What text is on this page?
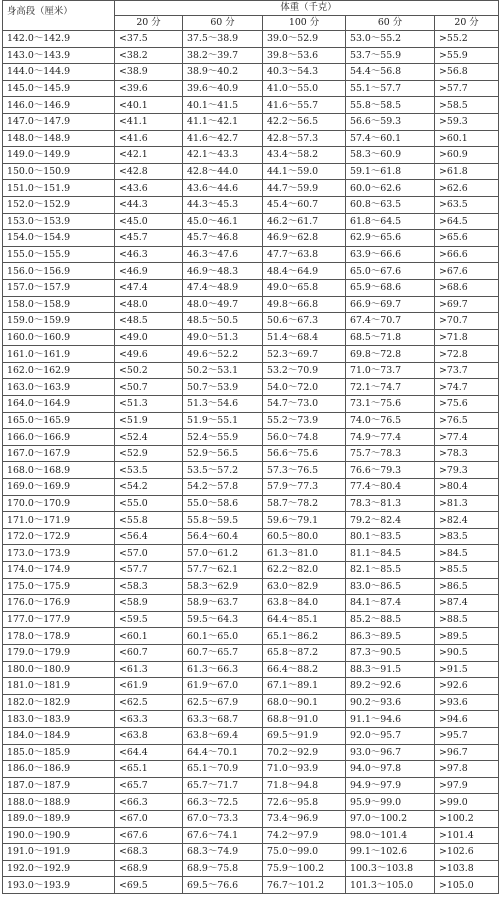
身高段（厘米）	体重（千克）				
	20 分	60 分	100 分	60 分	20 分
142.0～142.9	<37.5	37.5～38.9	39.0～52.9	53.0～55.2	>55.2
143.0～143.9	<38.2	38.2～39.7	39.8～53.6	53.7～55.9	>55.9
144.0～144.9	<38.9	38.9～40.2	40.3～54.3	54.4～56.8	>56.8
145.0～145.9	<39.6	39.6～40.9	41.0～55.0	55.1～57.7	>57.7
146.0～146.9	<40.1	40.1～41.5	41.6～55.7	55.8～58.5	>58.5
147.0～147.9	<41.1	41.1～42.1	42.2～56.5	56.6～59.3	>59.3
148.0～148.9	<41.6	41.6～42.7	42.8～57.3	57.4～60.1	>60.1
149.0～149.9	<42.1	42.1～43.3	43.4～58.2	58.3～60.9	>60.9
150.0～150.9	<42.8	42.8～44.0	44.1～59.0	59.1～61.8	>61.8
151.0～151.9	<43.6	43.6～44.6	44.7～59.9	60.0～62.6	>62.6
152.0～152.9	<44.3	44.3～45.3	45.4～60.7	60.8～63.5	>63.5
153.0～153.9	<45.0	45.0～46.1	46.2～61.7	61.8～64.5	>64.5
154.0～154.9	<45.7	45.7～46.8	46.9～62.8	62.9～65.6	>65.6
155.0～155.9	<46.3	46.3～47.6	47.7～63.8	63.9～66.6	>66.6
156.0～156.9	<46.9	46.9～48.3	48.4～64.9	65.0～67.6	>67.6
157.0～157.9	<47.4	47.4～48.9	49.0～65.8	65.9～68.6	>68.6
158.0～158.9	<48.0	48.0～49.7	49.8～66.8	66.9～69.7	>69.7
159.0～159.9	<48.5	48.5～50.5	50.6～67.3	67.4～70.7	>70.7
160.0～160.9	<49.0	49.0～51.3	51.4～68.4	68.5～71.8	>71.8
161.0～161.9	<49.6	49.6～52.2	52.3～69.7	69.8～72.8	>72.8
162.0～162.9	<50.2	50.2～53.1	53.2～70.9	71.0～73.7	>73.7
163.0～163.9	<50.7	50.7～53.9	54.0～72.0	72.1～74.7	>74.7
164.0～164.9	<51.3	51.3～54.6	54.7～73.0	73.1～75.6	>75.6
165.0～165.9	<51.9	51.9～55.1	55.2～73.9	74.0～76.5	>76.5
166.0～166.9	<52.4	52.4～55.9	56.0～74.8	74.9～77.4	>77.4
167.0～167.9	<52.9	52.9～56.5	56.6～75.6	75.7～78.3	>78.3
168.0～168.9	<53.5	53.5～57.2	57.3～76.5	76.6～79.3	>79.3
169.0～169.9	<54.2	54.2～57.8	57.9～77.3	77.4～80.4	>80.4
170.0～170.9	<55.0	55.0～58.6	58.7～78.2	78.3～81.3	>81.3
171.0～171.9	<55.8	55.8～59.5	59.6～79.1	79.2～82.4	>82.4
172.0～172.9	<56.4	56.4～60.4	60.5～80.0	80.1～83.5	>83.5
173.0～173.9	<57.0	57.0～61.2	61.3～81.0	81.1～84.5	>84.5
174.0～174.9	<57.7	57.7～62.1	62.2～82.0	82.1～85.5	>85.5
175.0～175.9	<58.3	58.3～62.9	63.0～82.9	83.0～86.5	>86.5
176.0～176.9	<58.9	58.9～63.7	63.8～84.0	84.1～87.4	>87.4
177.0～177.9	<59.5	59.5～64.3	64.4～85.1	85.2～88.5	>88.5
178.0～178.9	<60.1	60.1～65.0	65.1～86.2	86.3～89.5	>89.5
179.0～179.9	<60.7	60.7～65.7	65.8～87.2	87.3～90.5	>90.5
180.0～180.9	<61.3	61.3～66.3	66.4～88.2	88.3～91.5	>91.5
181.0～181.9	<61.9	61.9～67.0	67.1～89.1	89.2～92.6	>92.6
182.0～182.9	<62.5	62.5～67.9	68.0～90.1	90.2～93.6	>93.6
183.0～183.9	<63.3	63.3～68.7	68.8～91.0	91.1～94.6	>94.6
184.0～184.9	<63.8	63.8～69.4	69.5～91.9	92.0～95.7	>95.7
185.0～185.9	<64.4	64.4～70.1	70.2～92.9	93.0～96.7	>96.7
186.0～186.9	<65.1	65.1～70.9	71.0～93.9	94.0～97.8	>97.8
187.0～187.9	<65.7	65.7～71.7	71.8～94.8	94.9～97.9	>97.9
188.0～188.9	<66.3	66.3～72.5	72.6～95.8	95.9～99.0	>99.0
189.0～189.9	<67.0	67.0～73.3	73.4～96.9	97.0～100.2	>100.2
190.0～190.9	<67.6	67.6～74.1	74.2～97.9	98.0～101.4	>101.4
191.0～191.9	<68.3	68.3～74.9	75.0～99.0	99.1～102.6	>102.6
192.0～192.9	<68.9	68.9～75.8	75.9～100.2	100.3～103.8	>103.8
193.0～193.9	<69.5	69.5～76.6	76.7～101.2	101.3～105.0	>105.0
